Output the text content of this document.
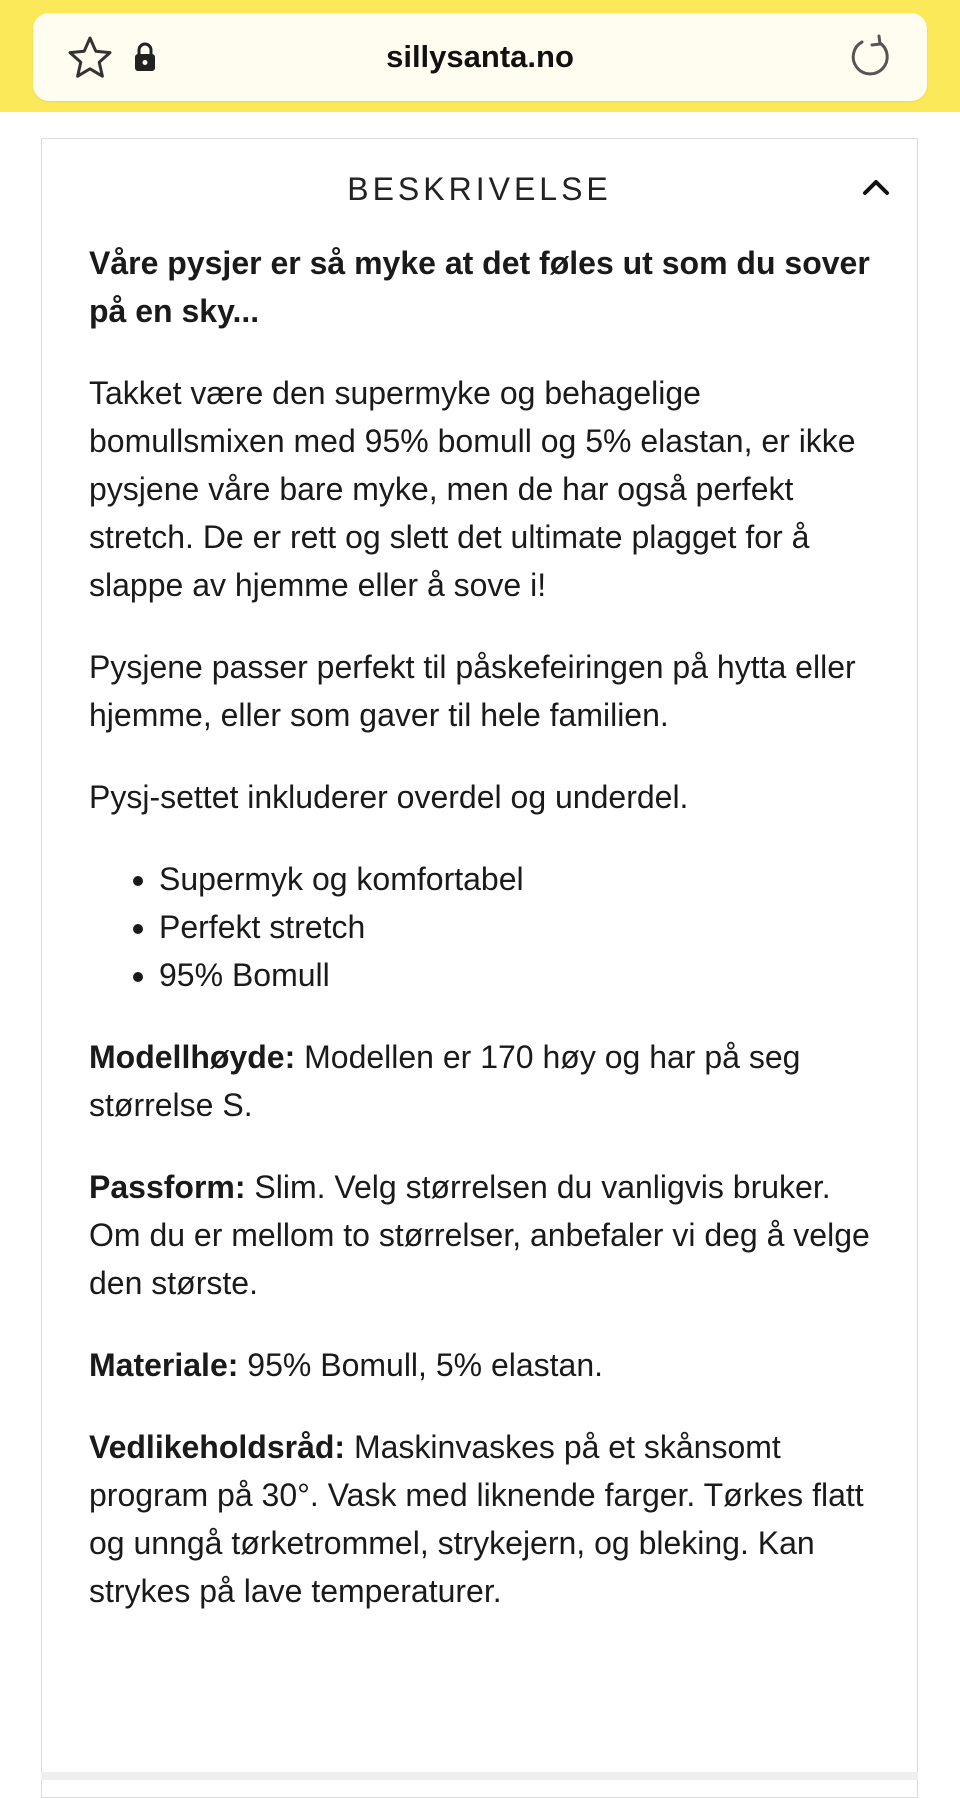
sillysanta.no
BESKRIVELSE

Våre pysjer er så myke at det føles ut som du sover på en sky...

Takket være den supermyke og behagelige bomullsmixen med 95% bomull og 5% elastan, er ikke pysjene våre bare myke, men de har også perfekt stretch. De er rett og slett det ultimate plagget for å slappe av hjemme eller å sove i!

Pysjene passer perfekt til påskefeiringen på hytta eller hjemme, eller som gaver til hele familien.

Pysj-settet inkluderer overdel og underdel.

• Supermyk og komfortabel
• Perfekt stretch
• 95% Bomull

Modellhøyde: Modellen er 170 høy og har på seg størrelse S.

Passform: Slim. Velg størrelsen du vanligvis bruker. Om du er mellom to størrelser, anbefaler vi deg å velge den største.

Materiale: 95% Bomull, 5% elastan.

Vedlikeholdsråd: Maskinvaskes på et skånsomt program på 30°. Vask med liknende farger. Tørkes flatt og unngå tørketrommel, strykejern, og bleking. Kan strykes på lave temperaturer.
